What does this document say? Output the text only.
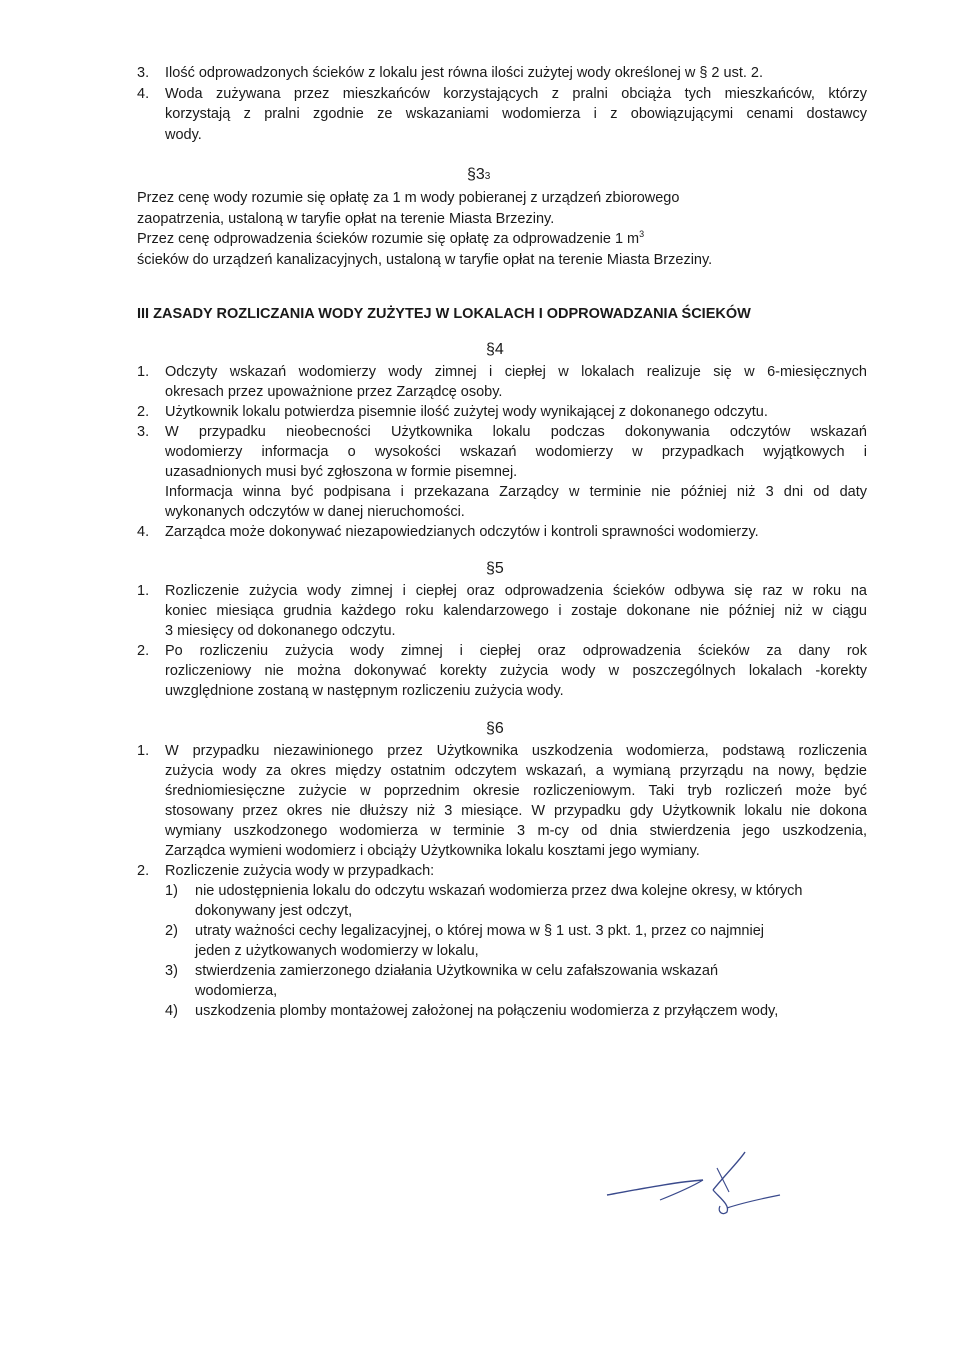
3. Ilość odprowadzonych ścieków z lokalu jest równa ilości zużytej wody określonej w § 2 ust. 2.
4. Woda zużywana przez mieszkańców korzystających z pralni obciąża tych mieszkańców, którzy
korzystają z pralni zgodnie ze wskazaniami wodomierza i z obowiązującymi cenami dostawcy
wody.
§33
Przez cenę wody rozumie się opłatę za 1 m wody pobieranej z urządzeń zbiorowego
zaopatrzenia, ustaloną w taryfie opłat na terenie Miasta Brzeziny.
Przez cenę odprowadzenia ścieków rozumie się opłatę za odprowadzenie 1 $m^3$
ścieków do urządzeń kanalizacyjnych, ustaloną w taryfie opłat na terenie Miasta Brzeziny.
III ZASADY ROZLICZANIA WODY ZUŻYTEJ W LOKALACH I ODPROWADZANIA ŚCIEKÓW
§4
1. Odczyty wskazań wodomierzy wody zimnej i ciepłej w lokalach realizuje się w 6-miesięcznych
okresach przez upoważnione przez Zarządcę osoby.
2. Użytkownik lokalu potwierdza pisemnie ilość zużytej wody wynikającej z dokonanego odczytu.
3. W przypadku nieobecności Użytkownika lokalu podczas dokonywania odczytów wskazań
wodomierzy informacja o wysokości wskazań wodomierzy w przypadkach wyjątkowych i
uzasadnionych musi być zgłoszona w formie pisemnej.
Informacja winna być podpisana i przekazana Zarządcy w terminie nie później niż 3 dni od daty
wykonanych odczytów w danej nieruchomości.
4. Zarządca może dokonywać niezapowiedzianych odczytów i kontroli sprawności wodomierzy.
§5
1. Rozliczenie zużycia wody zimnej i ciepłej oraz odprowadzenia ścieków odbywa się raz w roku na
koniec miesiąca grudnia każdego roku kalendarzowego i zostaje dokonane nie później niż w ciągu
3 miesięcy od dokonanego odczytu.
2. Po rozliczeniu zużycia wody zimnej i ciepłej oraz odprowadzenia ścieków za dany rok
rozliczeniowy nie można dokonywać korekty zużycia wody w poszczególnych lokalach -korekty
uwzględnione zostaną w następnym rozliczeniu zużycia wody.
§6
1. W przypadku niezawinionego przez Użytkownika uszkodzenia wodomierza, podstawą rozliczenia
zużycia wody za okres między ostatnim odczytem wskazań, a wymianą przyrządu na nowy, będzie
średniomiesięczne zużycie w poprzednim okresie rozliczeniowym. Taki tryb rozliczeń może być
stosowany przez okres nie dłuższy niż 3 miesiące. W przypadku gdy Użytkownik lokalu nie dokona
wymiany uszkodzonego wodomierza w terminie 3 m-cy od dnia stwierdzenia jego uszkodzenia,
Zarządca wymieni wodomierz i obciąży Użytkownika lokalu kosztami jego wymiany.
2. Rozliczenie zużycia wody w przypadkach:
1) nie udostępnienia lokalu do odczytu wskazań wodomierza przez dwa kolejne okresy, w których
dokonywany jest odczyt,
2) utraty ważności cechy legalizacyjnej, o której mowa w § 1 ust. 3 pkt. 1, przez co najmniej
jeden z użytkowanych wodomierzy w lokalu,
3) stwierdzenia zamierzonego działania Użytkownika w celu zafałszowania wskazań
wodomierza,
4) uszkodzenia plomby montażowej założonej na połączeniu wodomierza z przyłączem wody,
